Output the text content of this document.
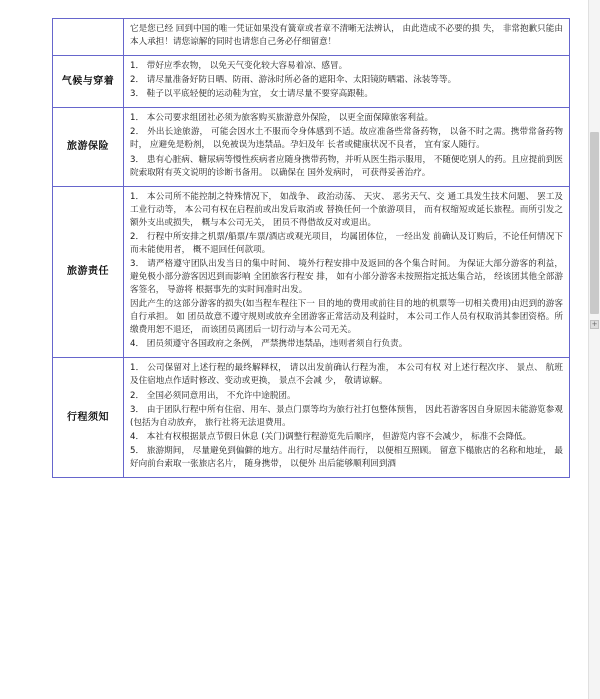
	它是您已经 回到中国的唯一凭证如果没有簧章或者章不清晰无法辨认， 由此造成不必要的损 失， 非常抱歉只能由本人承担！请您谅解的同时也请您自己务必仔细留意！

气候与穿着	1． 带好应季农物， 以免天气变化较大容易着凉、感冒。

2． 请尽量准备好防日晒、防雨、游泳时所必备的遮阳伞、太阳镜防晒霜、泳装等等。

3． 鞋子以平底轻便的运动鞋为宜， 女士请尽量不要穿高跟鞋。

旅游保险	1． 本公司要求组团社必须为旅客购买旅游意外保险， 以更全面保障旅客利益。

2． 外出长途旅游， 可能会因水土不服而令身体感到不适。故应准备些常备药物， 以备不时之需。携带常备药物时， 应避免是粉剂， 以免被误为违禁品。孕妇及年 长者或健康状况不良者， 宜有家人随行。

3． 患有心脏病、糖尿病等慢性疾病者应随身携带药物，并听从医生指示服用， 不随便吃别人的药。且应提前到医院索取附有英文说明的诊断书备用。 以确保在 国外发病时， 可获得妥善治疗。

旅游责任	1． 本公司所不能控制之特殊情况下， 如战争、 政治动荡、 天灾、 恶劣天气、交 通工具发生技术问题、 罢工及工业行动等， 本公司有权在启程前或出发后取消或 替换任何一个旅游项目， 而有权缩短或延长旅程。而所引发之额外支出或损失， 概与本公司无关， 团员不得借故反对或退出。

2． 行程中所安排之机票/船票/车票/酒店或观光项目， 均属团体位， 一经出发 前确认及订购后，不论任何情况下而未能使用者， 概不退回任何款项。

3． 请严格遵守团队出发当日的集中时间、 境外行程安排中及返回的各个集合时间。 为保证大部分游客的利益， 避免极小部分游客因迟到而影响 全团旅客行程安 排， 如有小部分游客未按照指定抵达集合站， 经该团其他全部游客签名， 导游将 根据事先的实时间准时出发。

因此产生的这部分游客的损失(如当程车程往下一 目的地的费用或前往目的地的机票等一切相关费用)由迟到的游客自行承担。 如 团员故意不遵守规则或放弃全团游客正常活动及利益时， 本公司工作人员有权取消其参团资格。所缴费用恕不退还， 而该团员离团后一切行动与本公司无关。

4． 团员须遵守各国政府之条例， 严禁携带违禁品，违则者须自行负责。

行程须知	1． 公司保留对上述行程的最终解释权， 请以出发前确认行程为准， 本公司有权 对上述行程次序、 景点、 航班及住宿地点作适时修改、变动或更换， 景点不会减 少， 敬请谅解。

2． 全国必须同意用出， 不允许中途脱团。

3． 由于团队行程中所有住宿、用车、景点门票等均为旅行社打包整体预售， 因此若游客因自身原因未能游览参观(包括为自动放弃， 旅行社将无法退费用。

4． 本社有权根据景点节假日休息 (关门)调整行程游览先后顺序， 但游览内容不会减少， 标准不会降低。

5． 旅游期间， 尽量避免到偏僻的地方。出行时尽量结伴而行， 以便相互照顾。 留意下榻旅店的名称和地址， 最好向前台索取一张旅店名片， 随身携带， 以便外 出后能够顺利回到酒

+
